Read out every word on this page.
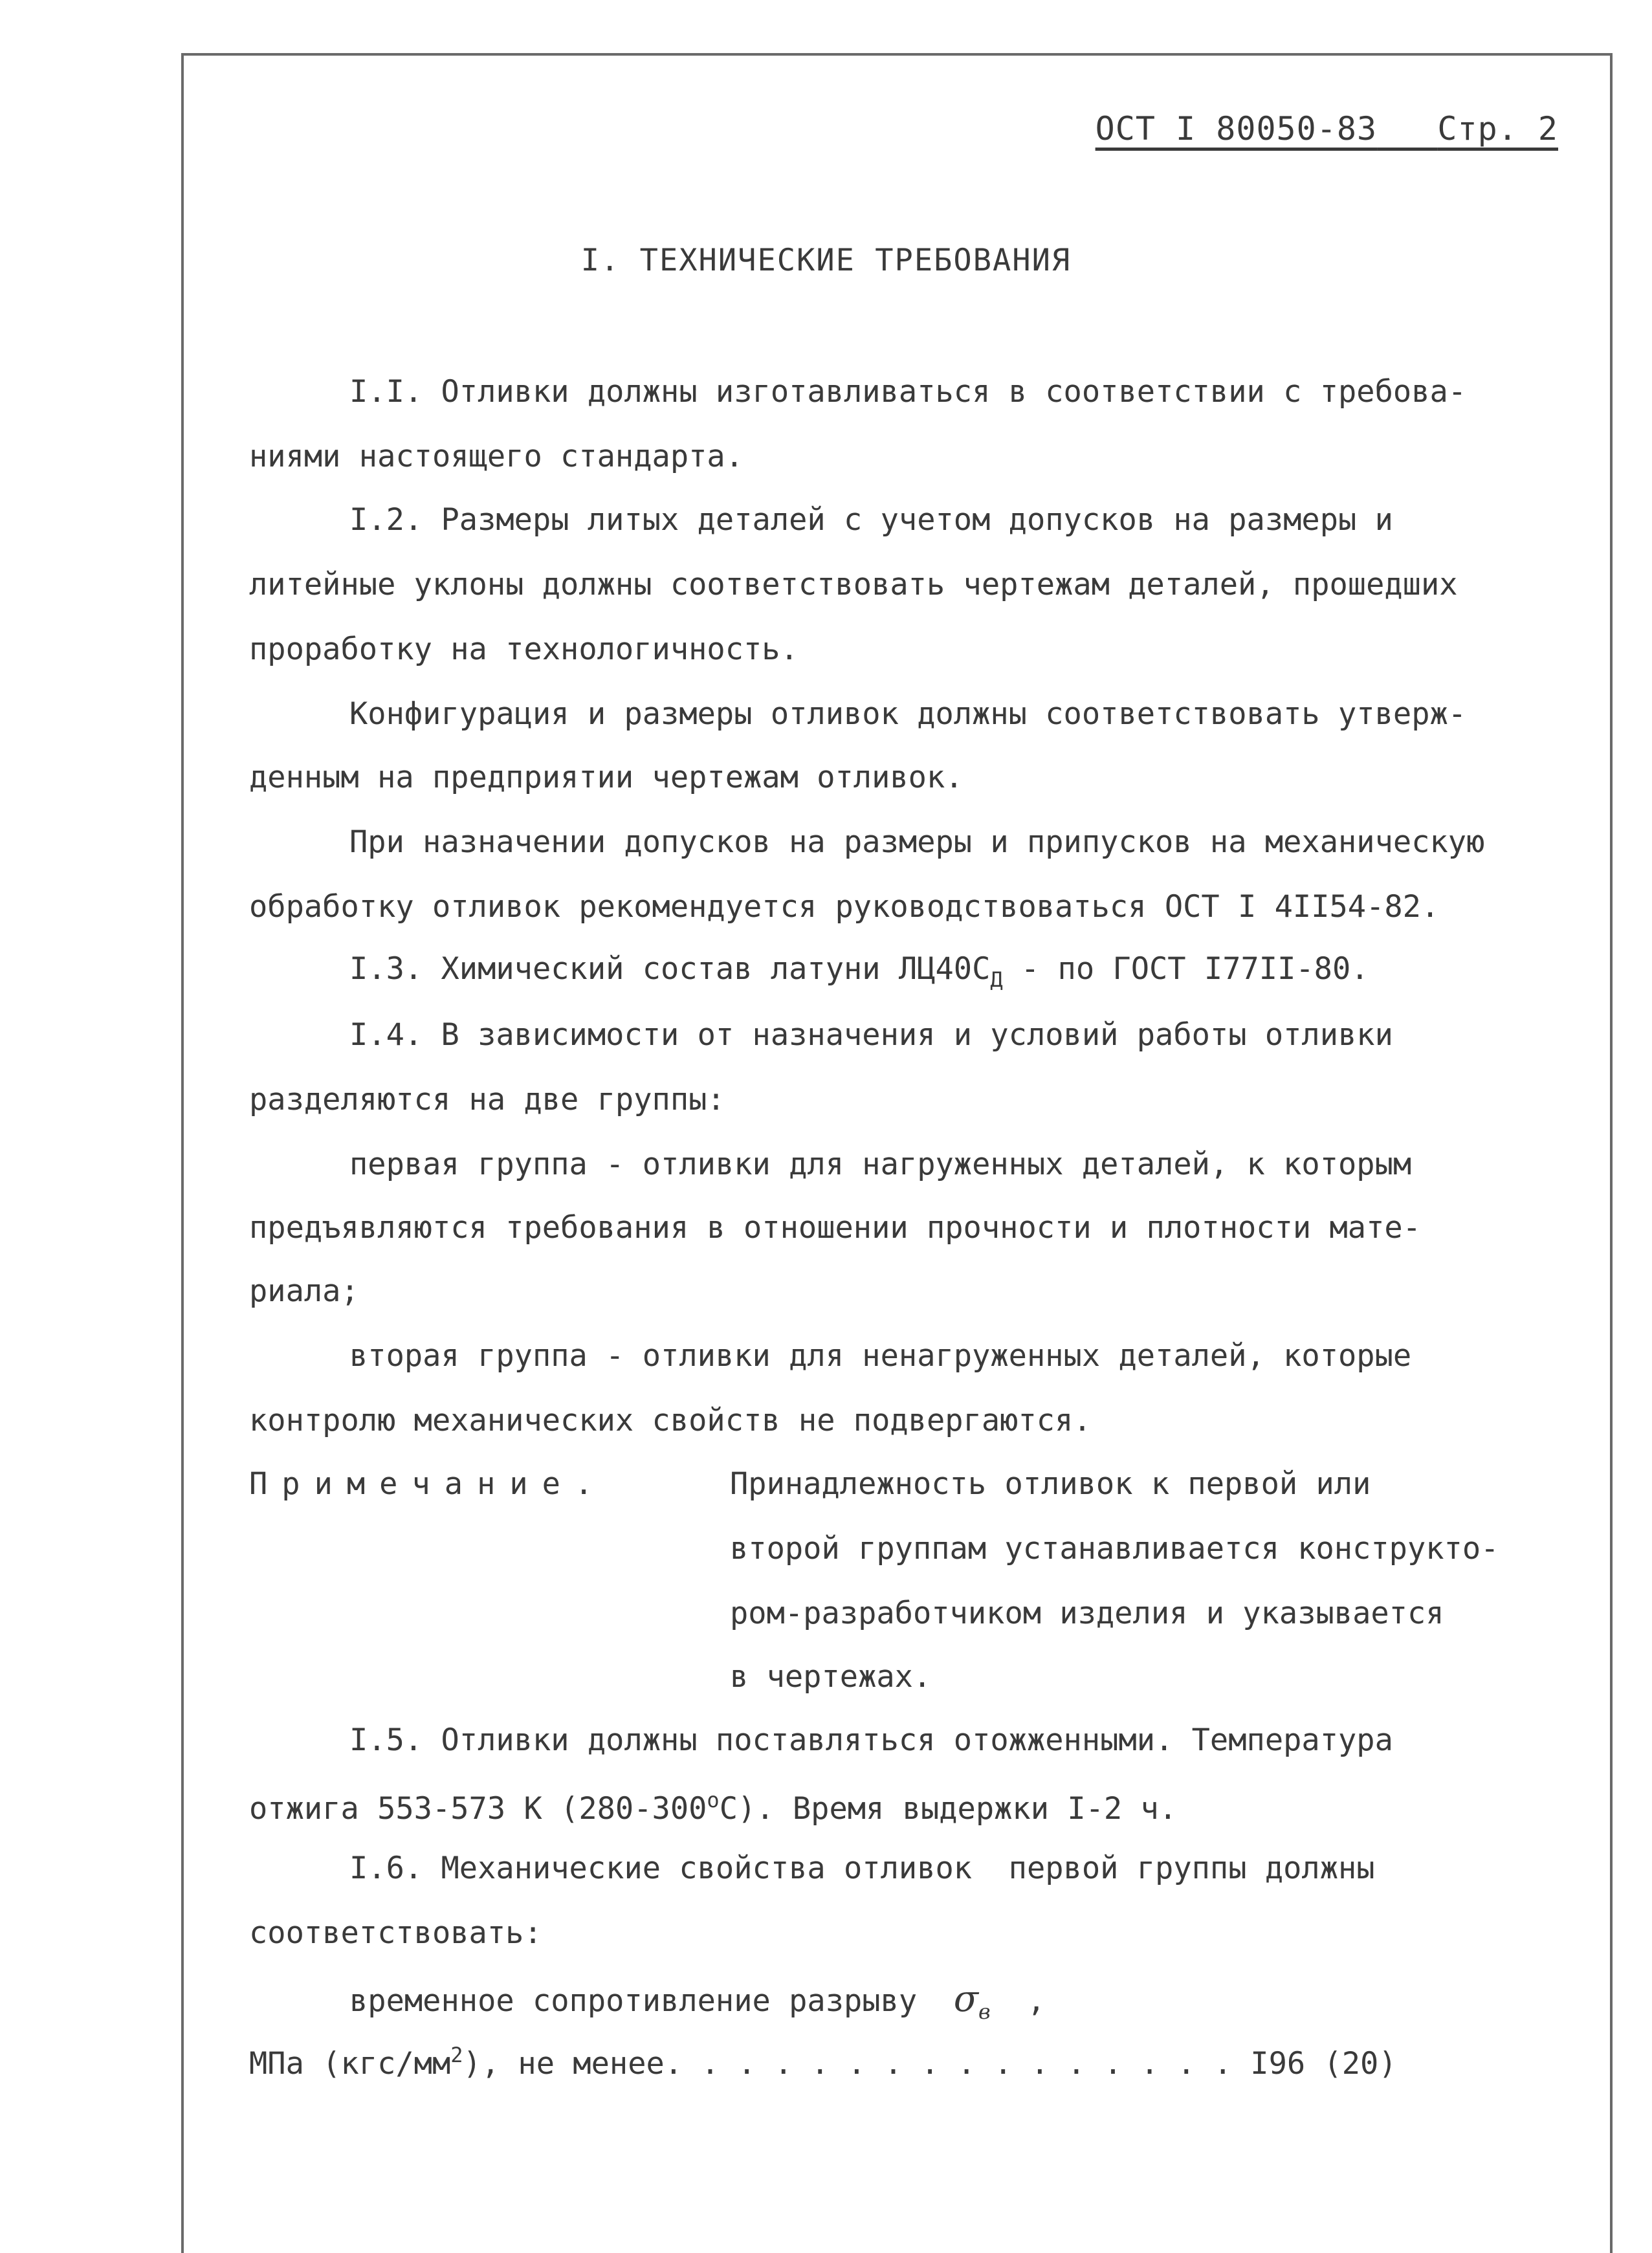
ОСТ I 80050-83 Стр. 2
I. ТЕХНИЧЕСКИЕ ТРЕБОВАНИЯ
I.I. Отливки должны изготавливаться в соответствии с требова-
ниями настоящего стандарта.
I.2. Размеры литых деталей с учетом допусков на размеры и
литейные уклоны должны соответствовать чертежам деталей, прошедших
проработку на технологичность.
Конфигурация и размеры отливок должны соответствовать утверж-
денным на предприятии чертежам отливок.
При назначении допусков на размеры и припусков на механическую
обработку отливок рекомендуется руководствоваться ОСТ I 4II54-82.
I.3. Химический состав латуни $ЛЦ40С_Д$ - по ГОСТ I77II-80.
I.4. В зависимости от назначения и условий работы отливки
разделяются на две группы:
первая группа - отливки для нагруженных деталей, к которым
предъявляются требования в отношении прочности и плотности мате-
риала;
вторая группа - отливки для ненагруженных деталей, которые
контролю механических свойств не подвергаются.
Примечание.	Принадлежность отливок к первой или
второй группам устанавливается конструкто-
ром-разработчиком изделия и указывается
в чертежах.
I.5. Отливки должны поставляться отожженными. Температура
отжига 553-573 К $(280-300^оС)$. Время выдержки I-2 ч.
I.6. Механические свойства отливок  первой группы должны
соответствовать:
временное сопротивление разрыву $\sigma_в$ ,
МПа $(кгс/мм^2)$, не менее. . . . . . . . . . . . . . . . I96 (20)
